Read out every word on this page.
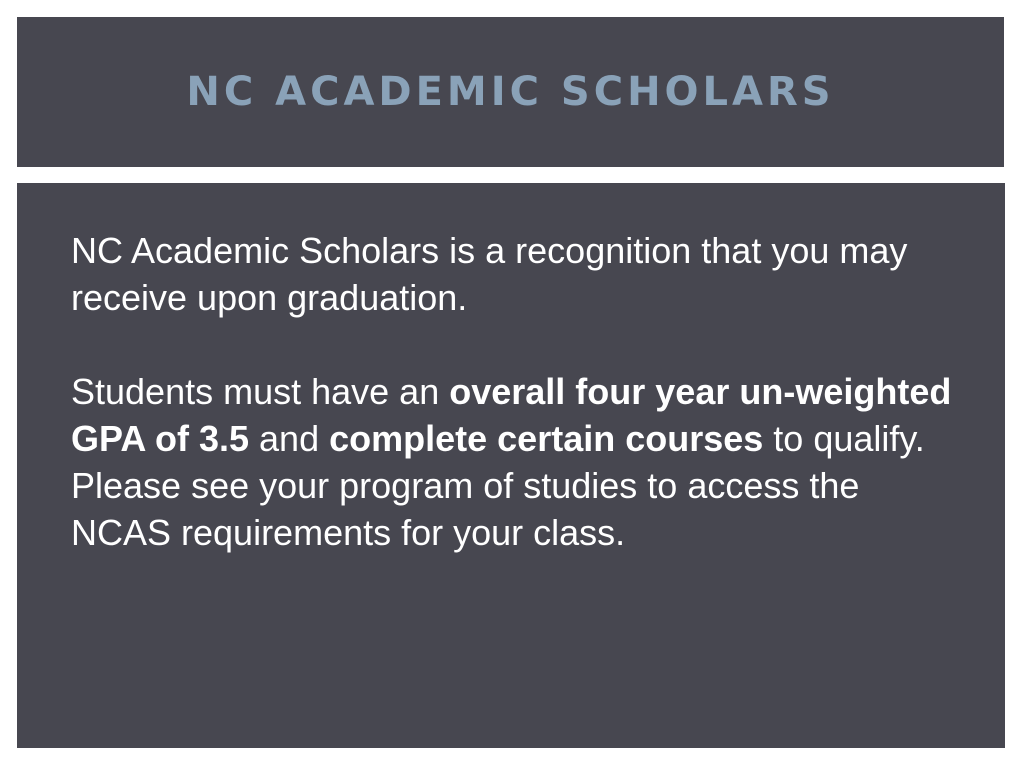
NC ACADEMIC SCHOLARS

NC Academic Scholars is a recognition that you may receive upon graduation.

Students must have an overall four year un-weighted GPA of 3.5 and complete certain courses to qualify. Please see your program of studies to access the NCAS requirements for your class.
